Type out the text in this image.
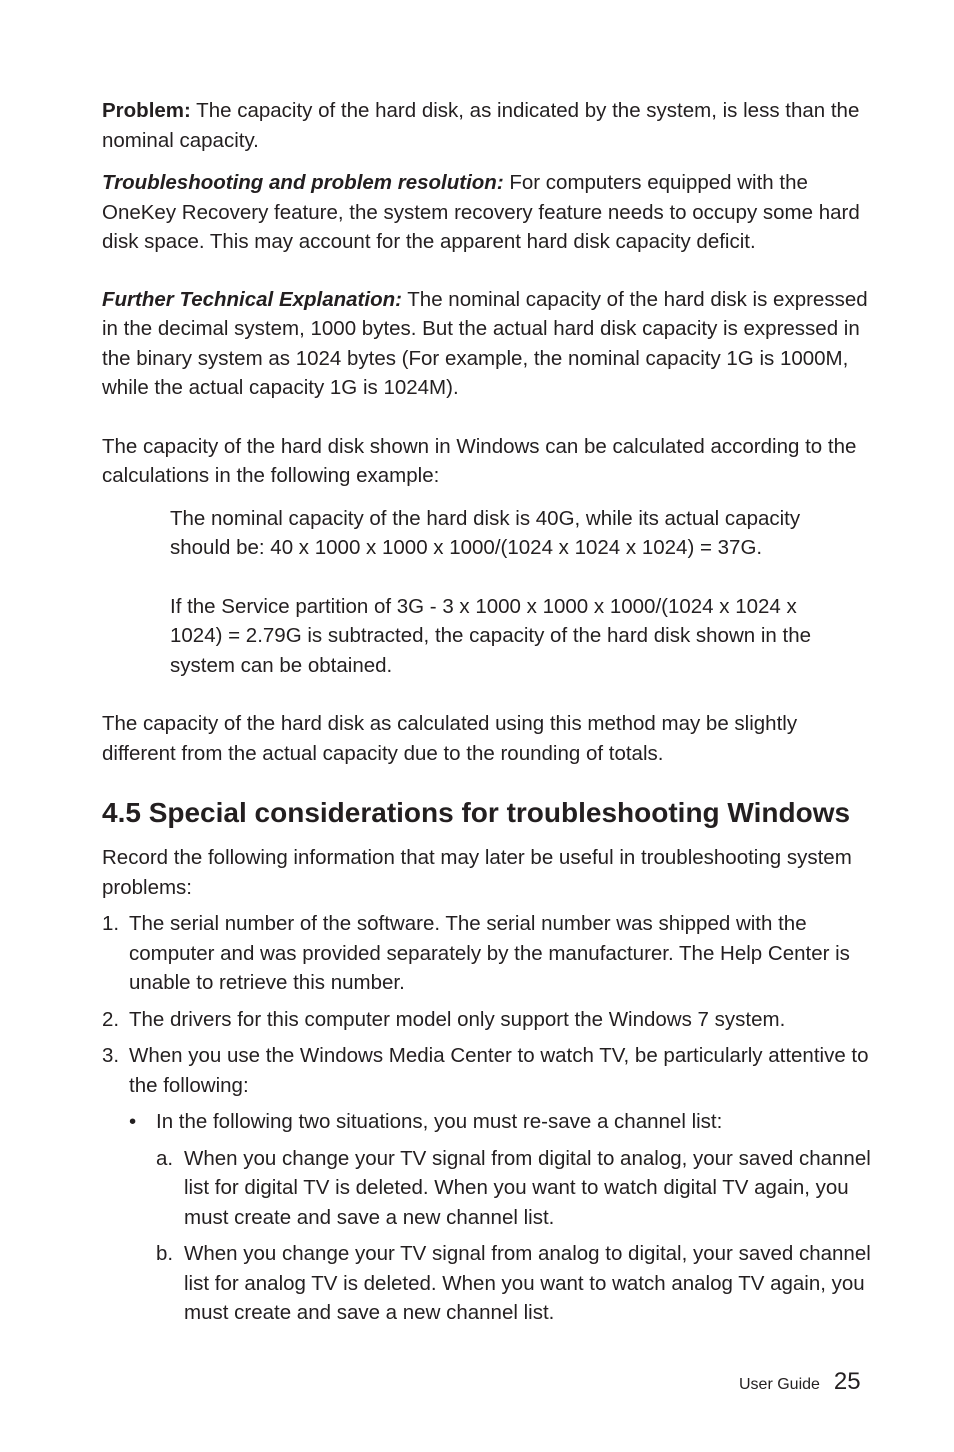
Problem: The capacity of the hard disk, as indicated by the system, is less than the nominal capacity.

Troubleshooting and problem resolution: For computers equipped with the OneKey Recovery feature, the system recovery feature needs to occupy some hard disk space. This may account for the apparent hard disk capacity deficit.

Further Technical Explanation: The nominal capacity of the hard disk is expressed in the decimal system, 1000 bytes. But the actual hard disk capacity is expressed in the binary system as 1024 bytes (For example, the nominal capacity 1G is 1000M, while the actual capacity 1G is 1024M).

The capacity of the hard disk shown in Windows can be calculated according to the calculations in the following example:

The nominal capacity of the hard disk is 40G, while its actual capacity should be: 40 x 1000 x 1000 x 1000/(1024 x 1024 x 1024) = 37G.

If the Service partition of 3G - 3 x 1000 x 1000 x 1000/(1024 x 1024 x 1024) = 2.79G is subtracted, the capacity of the hard disk shown in the system can be obtained.

The capacity of the hard disk as calculated using this method may be slightly different from the actual capacity due to the rounding of totals.

4.5 Special considerations for troubleshooting Windows

Record the following information that may later be useful in troubleshooting system problems:

1. The serial number of the software. The serial number was shipped with the computer and was provided separately by the manufacturer. The Help Center is unable to retrieve this number.
2. The drivers for this computer model only support the Windows 7 system.
3. When you use the Windows Media Center to watch TV, be particularly attentive to the following:
• In the following two situations, you must re-save a channel list:
a. When you change your TV signal from digital to analog, your saved channel list for digital TV is deleted. When you want to watch digital TV again, you must create and save a new channel list.
b. When you change your TV signal from analog to digital, your saved channel list for analog TV is deleted. When you want to watch analog TV again, you must create and save a new channel list.
User Guide 25
